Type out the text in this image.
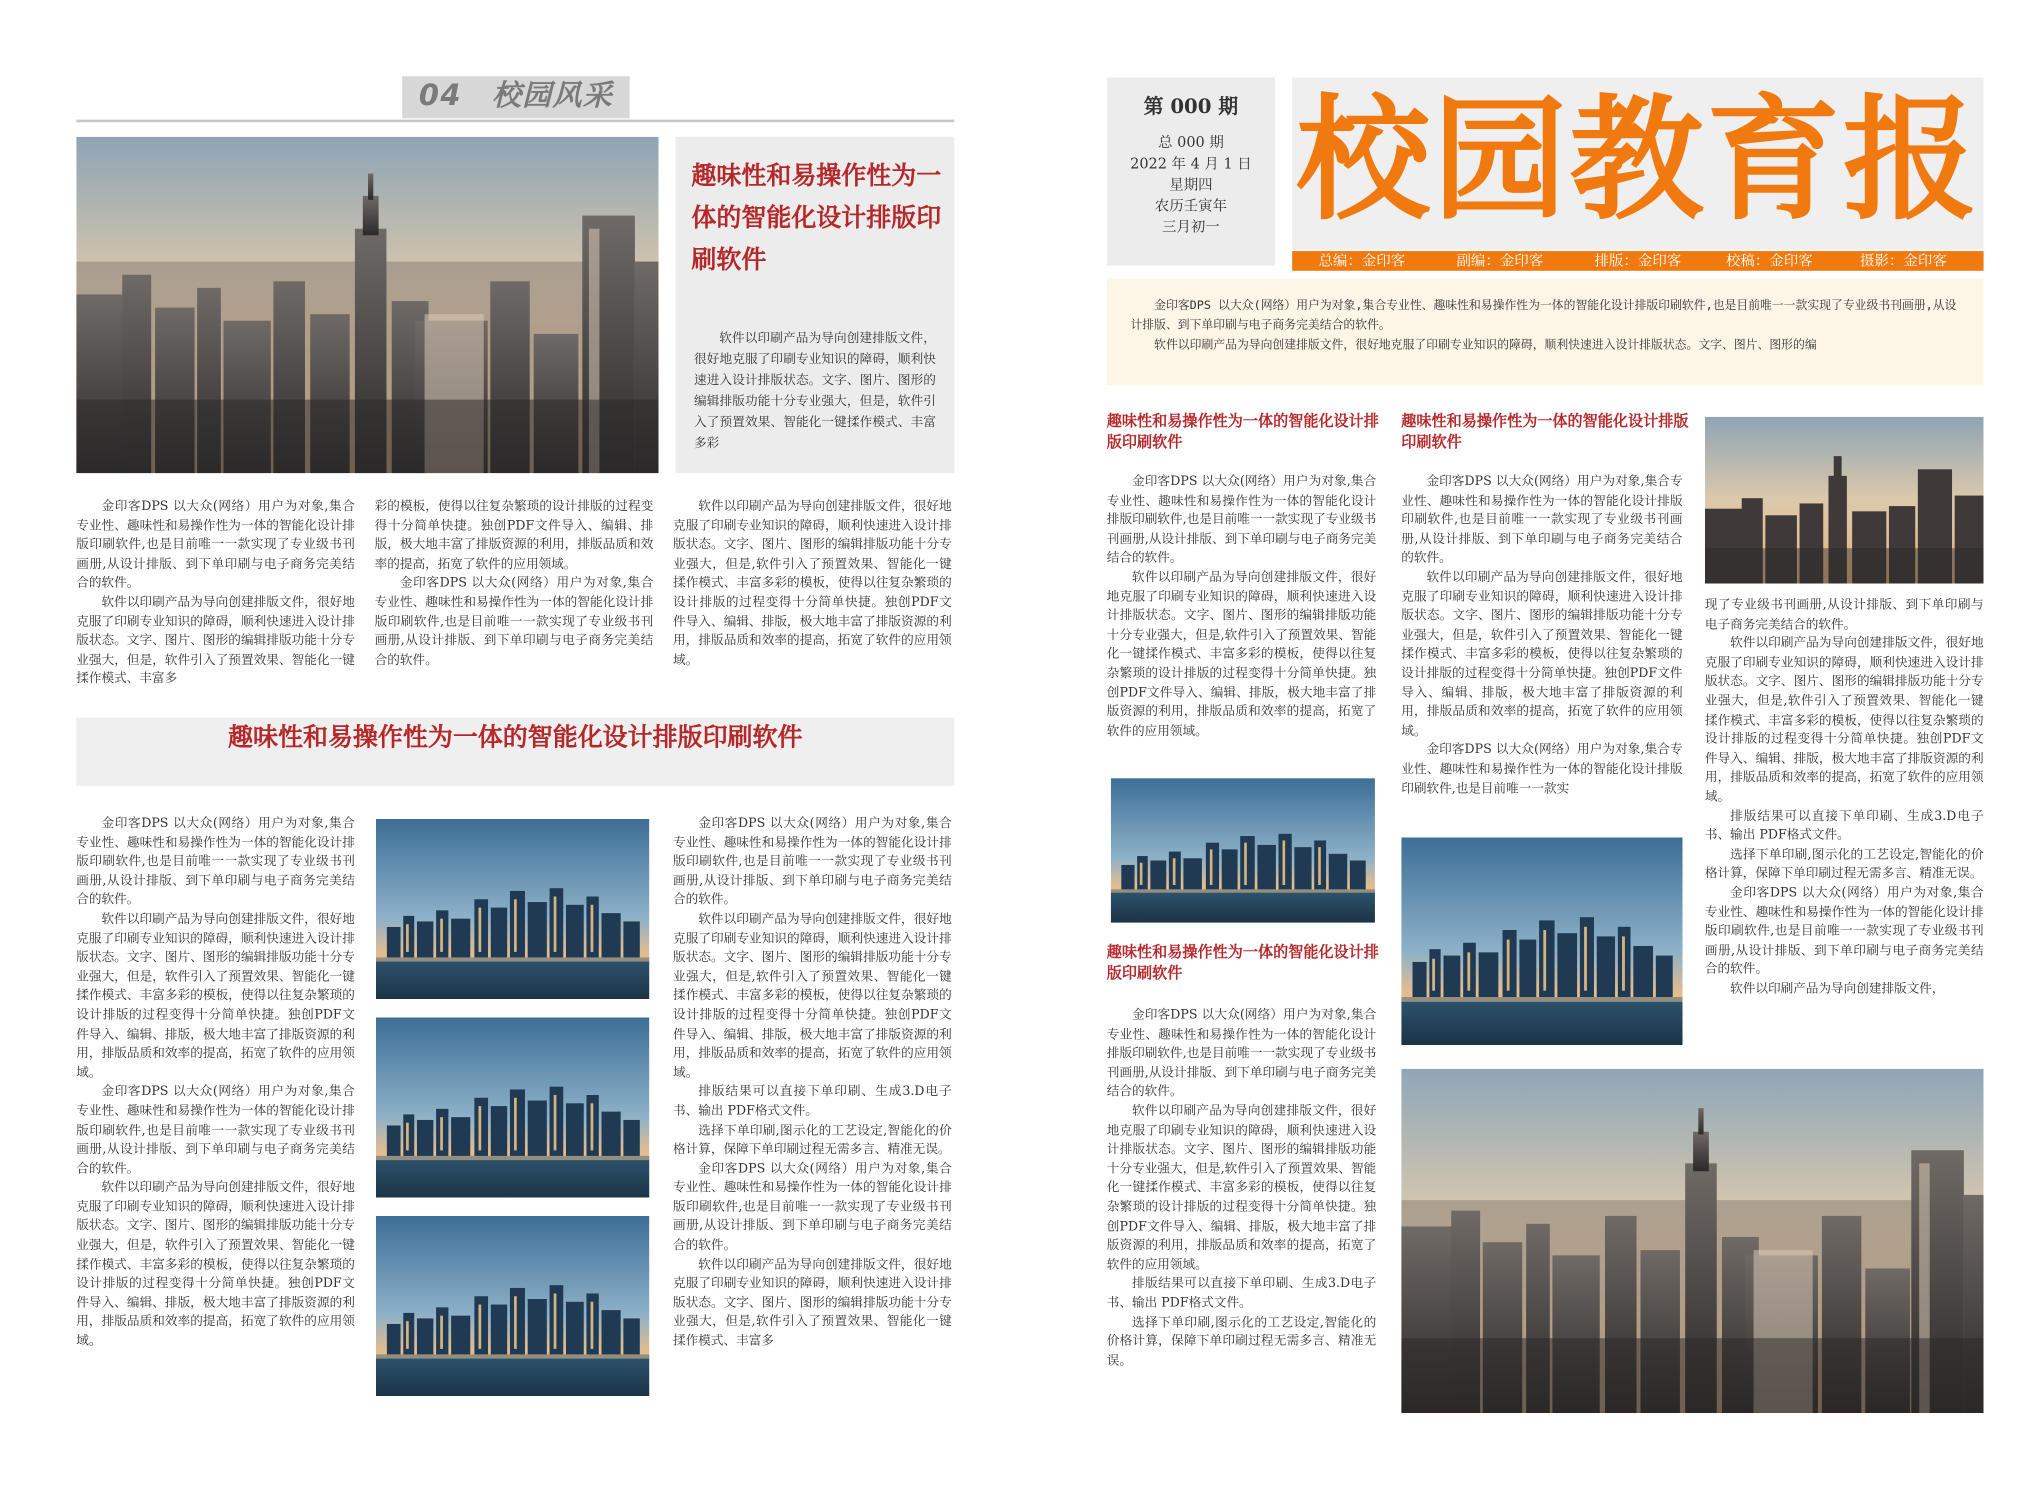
04　校园风采
趣味性和易操作性为一体的智能化设计排版印刷软件
软件以印刷产品为导向创建排版文件，很好地克服了印刷专业知识的障碍，顺利快速进入设计排版状态。文字、图片、图形的编辑排版功能十分专业强大，但是，软件引入了预置效果、智能化一键揉作模式、丰富多彩

金印客DPS 以大众(网络）用户为对象,集合专业性、趣味性和易操作性为一体的智能化设计排版印刷软件,也是目前唯一一款实现了专业级书刊画册,从设计排版、到下单印刷与电子商务完美结合的软件。

软件以印刷产品为导向创建排版文件，很好地克服了印刷专业知识的障碍，顺利快速进入设计排版状态。文字、图片、图形的编辑排版功能十分专业强大，但是，软件引入了预置效果、智能化一键揉作模式、丰富多

彩的模板，使得以往复杂繁琐的设计排版的过程变得十分简单快捷。独创PDF文件导入、编辑、排版，极大地丰富了排版资源的利用，排版品质和效率的提高，拓宽了软件的应用领域。

金印客DPS 以大众(网络）用户为对象,集合专业性、趣味性和易操作性为一体的智能化设计排版印刷软件,也是目前唯一一款实现了专业级书刊画册,从设计排版、到下单印刷与电子商务完美结合的软件。

软件以印刷产品为导向创建排版文件，很好地克服了印刷专业知识的障碍，顺利快速进入设计排版状态。文字、图片、图形的编辑排版功能十分专业强大，但是,软件引入了预置效果、智能化一键揉作模式、丰富多彩的模板，使得以往复杂繁琐的设计排版的过程变得十分简单快捷。独创PDF文件导入、编辑、排版，极大地丰富了排版资源的利用，排版品质和效率的提高，拓宽了软件的应用领域。

趣味性和易操作性为一体的智能化设计排版印刷软件

金印客DPS 以大众(网络）用户为对象,集合专业性、趣味性和易操作性为一体的智能化设计排版印刷软件,也是目前唯一一款实现了专业级书刊画册,从设计排版、到下单印刷与电子商务完美结合的软件。

软件以印刷产品为导向创建排版文件，很好地克服了印刷专业知识的障碍，顺利快速进入设计排版状态。文字、图片、图形的编辑排版功能十分专业强大，但是，软件引入了预置效果、智能化一键揉作模式、丰富多彩的模板，使得以往复杂繁琐的设计排版的过程变得十分简单快捷。独创PDF文件导入、编辑、排版，极大地丰富了排版资源的利用，排版品质和效率的提高，拓宽了软件的应用领域。

金印客DPS 以大众(网络）用户为对象,集合专业性、趣味性和易操作性为一体的智能化设计排版印刷软件,也是目前唯一一款实现了专业级书刊画册,从设计排版、到下单印刷与电子商务完美结合的软件。

软件以印刷产品为导向创建排版文件，很好地克服了印刷专业知识的障碍，顺利快速进入设计排版状态。文字、图片、图形的编辑排版功能十分专业强大，但是，软件引入了预置效果、智能化一键揉作模式、丰富多彩的模板，使得以往复杂繁琐的设计排版的过程变得十分简单快捷。独创PDF文件导入、编辑、排版，极大地丰富了排版资源的利用，排版品质和效率的提高，拓宽了软件的应用领域。

金印客DPS 以大众(网络）用户为对象,集合专业性、趣味性和易操作性为一体的智能化设计排版印刷软件,也是目前唯一一款实现了专业级书刊画册,从设计排版、到下单印刷与电子商务完美结合的软件。

软件以印刷产品为导向创建排版文件，很好地克服了印刷专业知识的障碍，顺利快速进入设计排版状态。文字、图片、图形的编辑排版功能十分专业强大，但是,软件引入了预置效果、智能化一键揉作模式、丰富多彩的模板，使得以往复杂繁琐的设计排版的过程变得十分简单快捷。独创PDF文件导入、编辑、排版，极大地丰富了排版资源的利用，排版品质和效率的提高，拓宽了软件的应用领域。

排版结果可以直接下单印刷、生成3.D电子书、输出 PDF格式文件。

选择下单印刷,图示化的工艺设定,智能化的价格计算，保障下单印刷过程无需多言、精准无误。

金印客DPS 以大众(网络）用户为对象,集合专业性、趣味性和易操作性为一体的智能化设计排版印刷软件,也是目前唯一一款实现了专业级书刊画册,从设计排版、到下单印刷与电子商务完美结合的软件。

软件以印刷产品为导向创建排版文件，很好地克服了印刷专业知识的障碍，顺利快速进入设计排版状态。文字、图片、图形的编辑排版功能十分专业强大，但是,软件引入了预置效果、智能化一键揉作模式、丰富多

第 000 期
总 000 期
2022 年 4 月 1 日
星期四
农历壬寅年
三月初一 校园教育报
总编：金印客	副编：金印客	排版：金印客	校稿：金印客	摄影：金印客

金印客DPS 以大众(网络）用户为对象,集合专业性、趣味性和易操作性为一体的智能化设计排版印刷软件,也是目前唯一一款实现了专业级书刊画册,从设计排版、到下单印刷与电子商务完美结合的软件。

软件以印刷产品为导向创建排版文件，很好地克服了印刷专业知识的障碍，顺利快速进入设计排版状态。文字、图片、图形的编

趣味性和易操作性为一体的智能化设计排版印刷软件

金印客DPS 以大众(网络）用户为对象,集合专业性、趣味性和易操作性为一体的智能化设计排版印刷软件,也是目前唯一一款实现了专业级书刊画册,从设计排版、到下单印刷与电子商务完美结合的软件。

软件以印刷产品为导向创建排版文件，很好地克服了印刷专业知识的障碍，顺利快速进入设计排版状态。文字、图片、图形的编辑排版功能十分专业强大，但是,软件引入了预置效果、智能化一键揉作模式、丰富多彩的模板，使得以往复杂繁琐的设计排版的过程变得十分简单快捷。独创PDF文件导入、编辑、排版，极大地丰富了排版资源的利用，排版品质和效率的提高，拓宽了软件的应用领域。

趣味性和易操作性为一体的智能化设计排版印刷软件

金印客DPS 以大众(网络）用户为对象,集合专业性、趣味性和易操作性为一体的智能化设计排版印刷软件,也是目前唯一一款实现了专业级书刊画册,从设计排版、到下单印刷与电子商务完美结合的软件。

软件以印刷产品为导向创建排版文件，很好地克服了印刷专业知识的障碍，顺利快速进入设计排版状态。文字、图片、图形的编辑排版功能十分专业强大，但是,软件引入了预置效果、智能化一键揉作模式、丰富多彩的模板，使得以往复杂繁琐的设计排版的过程变得十分简单快捷。独创PDF文件导入、编辑、排版，极大地丰富了排版资源的利用，排版品质和效率的提高，拓宽了软件的应用领域。

排版结果可以直接下单印刷、生成3.D电子书、输出 PDF格式文件。

选择下单印刷,图示化的工艺设定,智能化的价格计算，保障下单印刷过程无需多言、精准无误。

趣味性和易操作性为一体的智能化设计排版印刷软件

金印客DPS 以大众(网络）用户为对象,集合专业性、趣味性和易操作性为一体的智能化设计排版印刷软件,也是目前唯一一款实现了专业级书刊画册,从设计排版、到下单印刷与电子商务完美结合的软件。

软件以印刷产品为导向创建排版文件，很好地克服了印刷专业知识的障碍，顺利快速进入设计排版状态。文字、图片、图形的编辑排版功能十分专业强大，但是，软件引入了预置效果、智能化一键揉作模式、丰富多彩的模板，使得以往复杂繁琐的设计排版的过程变得十分简单快捷。独创PDF文件导入、编辑、排版，极大地丰富了排版资源的利用，排版品质和效率的提高，拓宽了软件的应用领域。

金印客DPS 以大众(网络）用户为对象,集合专业性、趣味性和易操作性为一体的智能化设计排版印刷软件,也是目前唯一一款实

现了专业级书刊画册,从设计排版、到下单印刷与电子商务完美结合的软件。

软件以印刷产品为导向创建排版文件，很好地克服了印刷专业知识的障碍，顺利快速进入设计排版状态。文字、图片、图形的编辑排版功能十分专业强大，但是,软件引入了预置效果、智能化一键揉作模式、丰富多彩的模板，使得以往复杂繁琐的设计排版的过程变得十分简单快捷。独创PDF文件导入、编辑、排版，极大地丰富了排版资源的利用，排版品质和效率的提高，拓宽了软件的应用领域。

排版结果可以直接下单印刷、生成3.D电子书、输出 PDF格式文件。

选择下单印刷,图示化的工艺设定,智能化的价格计算，保障下单印刷过程无需多言、精准无误。

金印客DPS 以大众(网络）用户为对象,集合专业性、趣味性和易操作性为一体的智能化设计排版印刷软件,也是目前唯一一款实现了专业级书刊画册,从设计排版、到下单印刷与电子商务完美结合的软件。

软件以印刷产品为导向创建排版文件，
